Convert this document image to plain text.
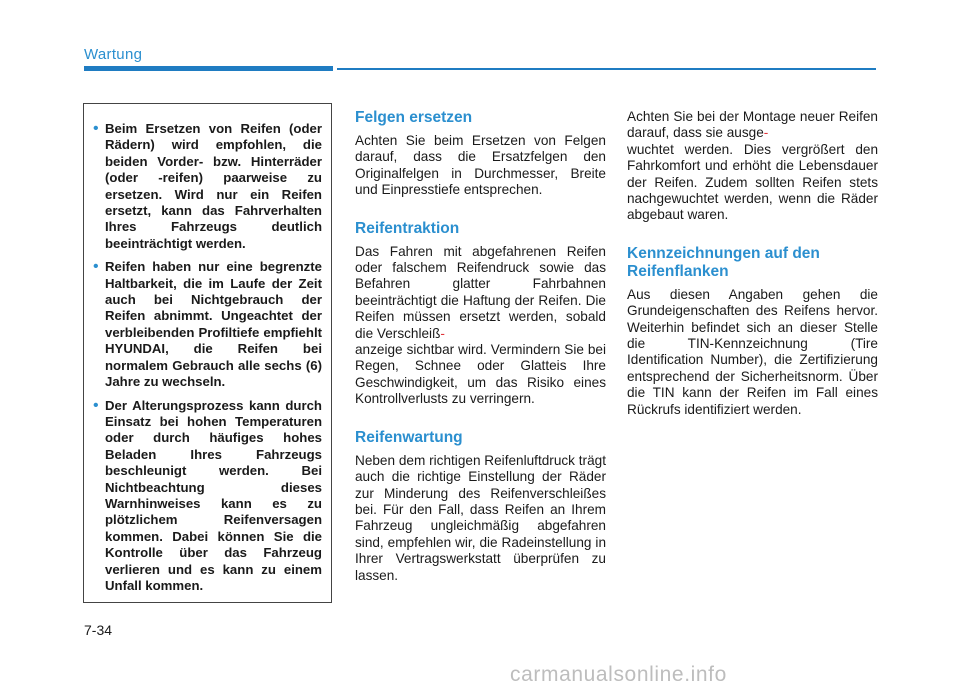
Wartung
• Beim Ersetzen von Reifen (oder Rädern) wird empfohlen, die beiden Vorder- bzw. Hinterräder (oder -reifen) paarweise zu ersetzen. Wird nur ein Reifen ersetzt, kann das Fahrverhalten Ihres Fahrzeugs deutlich beeinträchtigt werden.
• Reifen haben nur eine begrenzte Haltbarkeit, die im Laufe der Zeit auch bei Nichtgebrauch der Reifen abnimmt. Ungeachtet der verbleibenden Profiltiefe empfiehlt HYUNDAI, die Reifen bei normalem Gebrauch alle sechs (6) Jahre zu wechseln.
• Der Alterungsprozess kann durch Einsatz bei hohen Temperaturen oder durch häufiges hohes Beladen Ihres Fahrzeugs beschleunigt werden. Bei Nichtbeachtung dieses Warnhinweises kann es zu plötzlichem Reifenversagen kommen. Dabei können Sie die Kontrolle über das Fahrzeug verlieren und es kann zu einem Unfall kommen.
Felgen ersetzen
Achten Sie beim Ersetzen von Felgen darauf, dass die Ersatzfelgen den Originalfelgen in Durchmesser, Breite und Einpresstiefe entsprechen.
Reifentraktion
Das Fahren mit abgefahrenen Reifen oder falschem Reifendruck sowie das Befahren glatter Fahrbahnen beeinträchtigt die Haftung der Reifen. Die Reifen müssen ersetzt werden, sobald die Verschleiß-
anzeige sichtbar wird. Vermindern Sie bei Regen, Schnee oder Glatteis Ihre Geschwindigkeit, um das Risiko eines Kontrollverlusts zu verringern.
Reifenwartung
Neben dem richtigen Reifenluftdruck trägt auch die richtige Einstellung der Räder zur Minderung des Reifenverschleißes bei. Für den Fall, dass Reifen an Ihrem Fahrzeug ungleichmäßig abgefahren sind, empfehlen wir, die Radeinstellung in Ihrer Vertragswerkstatt überprüfen zu lassen.
Achten Sie bei der Montage neuer Reifen darauf, dass sie ausge-
wuchtet werden. Dies vergrößert den Fahrkomfort und erhöht die Lebensdauer der Reifen. Zudem sollten Reifen stets nachgewuchtet werden, wenn die Räder abgebaut waren.
Kennzeichnungen auf den Reifenflanken
Aus diesen Angaben gehen die Grundeigenschaften des Reifens hervor. Weiterhin befindet sich an dieser Stelle die TIN-Kennzeichnung (Tire Identification Number), die Zertifizierung entsprechend der Sicherheitsnorm. Über die TIN kann der Reifen im Fall eines Rückrufs identifiziert werden.
7-34
carmanualsonline.info
